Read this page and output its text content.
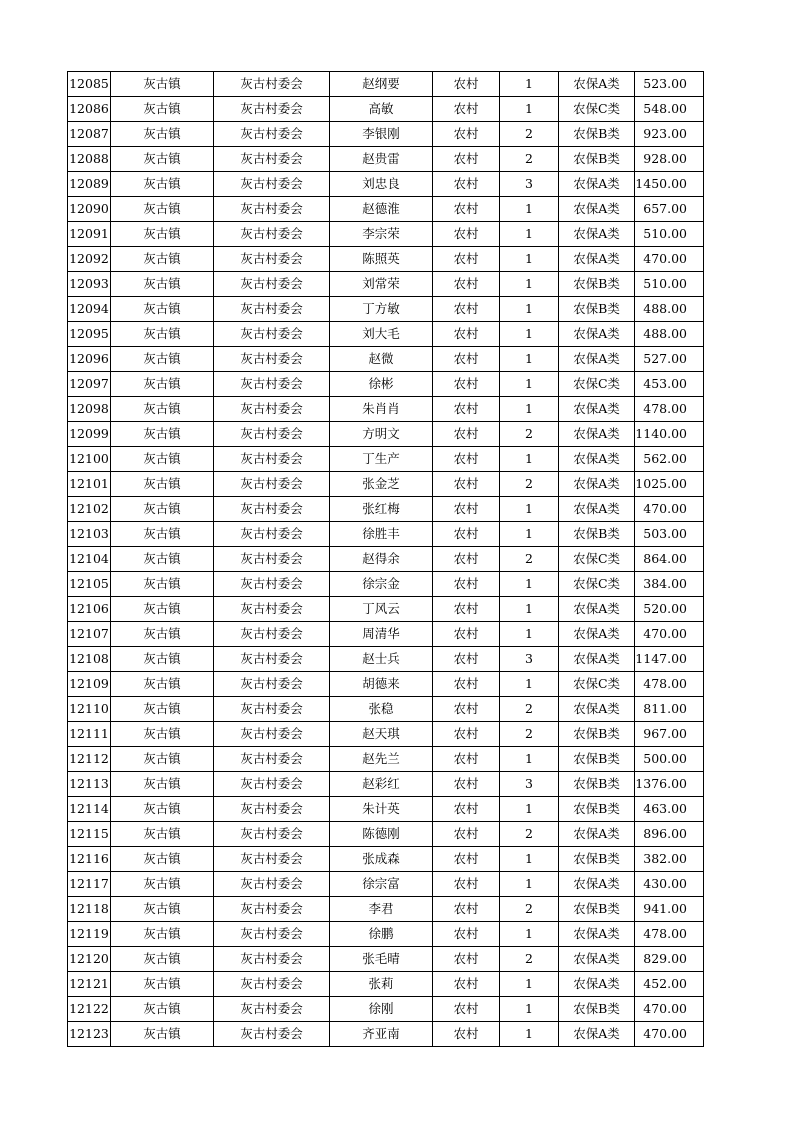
12085	灰古镇	灰古村委会	赵纲要	农村	1	农保A类	523.00
12086	灰古镇	灰古村委会	高敏	农村	1	农保C类	548.00
12087	灰古镇	灰古村委会	李银刚	农村	2	农保B类	923.00
12088	灰古镇	灰古村委会	赵贵雷	农村	2	农保B类	928.00
12089	灰古镇	灰古村委会	刘忠良	农村	3	农保A类	1450.00
12090	灰古镇	灰古村委会	赵德淮	农村	1	农保A类	657.00
12091	灰古镇	灰古村委会	李宗荣	农村	1	农保A类	510.00
12092	灰古镇	灰古村委会	陈照英	农村	1	农保A类	470.00
12093	灰古镇	灰古村委会	刘常荣	农村	1	农保B类	510.00
12094	灰古镇	灰古村委会	丁方敏	农村	1	农保B类	488.00
12095	灰古镇	灰古村委会	刘大毛	农村	1	农保A类	488.00
12096	灰古镇	灰古村委会	赵微	农村	1	农保A类	527.00
12097	灰古镇	灰古村委会	徐彬	农村	1	农保C类	453.00
12098	灰古镇	灰古村委会	朱肖肖	农村	1	农保A类	478.00
12099	灰古镇	灰古村委会	方明文	农村	2	农保A类	1140.00
12100	灰古镇	灰古村委会	丁生产	农村	1	农保A类	562.00
12101	灰古镇	灰古村委会	张金芝	农村	2	农保A类	1025.00
12102	灰古镇	灰古村委会	张红梅	农村	1	农保A类	470.00
12103	灰古镇	灰古村委会	徐胜丰	农村	1	农保B类	503.00
12104	灰古镇	灰古村委会	赵得余	农村	2	农保C类	864.00
12105	灰古镇	灰古村委会	徐宗金	农村	1	农保C类	384.00
12106	灰古镇	灰古村委会	丁风云	农村	1	农保A类	520.00
12107	灰古镇	灰古村委会	周清华	农村	1	农保A类	470.00
12108	灰古镇	灰古村委会	赵士兵	农村	3	农保A类	1147.00
12109	灰古镇	灰古村委会	胡德来	农村	1	农保C类	478.00
12110	灰古镇	灰古村委会	张稳	农村	2	农保A类	811.00
12111	灰古镇	灰古村委会	赵天琪	农村	2	农保B类	967.00
12112	灰古镇	灰古村委会	赵先兰	农村	1	农保B类	500.00
12113	灰古镇	灰古村委会	赵彩红	农村	3	农保B类	1376.00
12114	灰古镇	灰古村委会	朱计英	农村	1	农保B类	463.00
12115	灰古镇	灰古村委会	陈德刚	农村	2	农保A类	896.00
12116	灰古镇	灰古村委会	张成森	农村	1	农保B类	382.00
12117	灰古镇	灰古村委会	徐宗富	农村	1	农保A类	430.00
12118	灰古镇	灰古村委会	李君	农村	2	农保B类	941.00
12119	灰古镇	灰古村委会	徐鹏	农村	1	农保A类	478.00
12120	灰古镇	灰古村委会	张毛晴	农村	2	农保A类	829.00
12121	灰古镇	灰古村委会	张莉	农村	1	农保A类	452.00
12122	灰古镇	灰古村委会	徐刚	农村	1	农保B类	470.00
12123	灰古镇	灰古村委会	齐亚南	农村	1	农保A类	470.00
